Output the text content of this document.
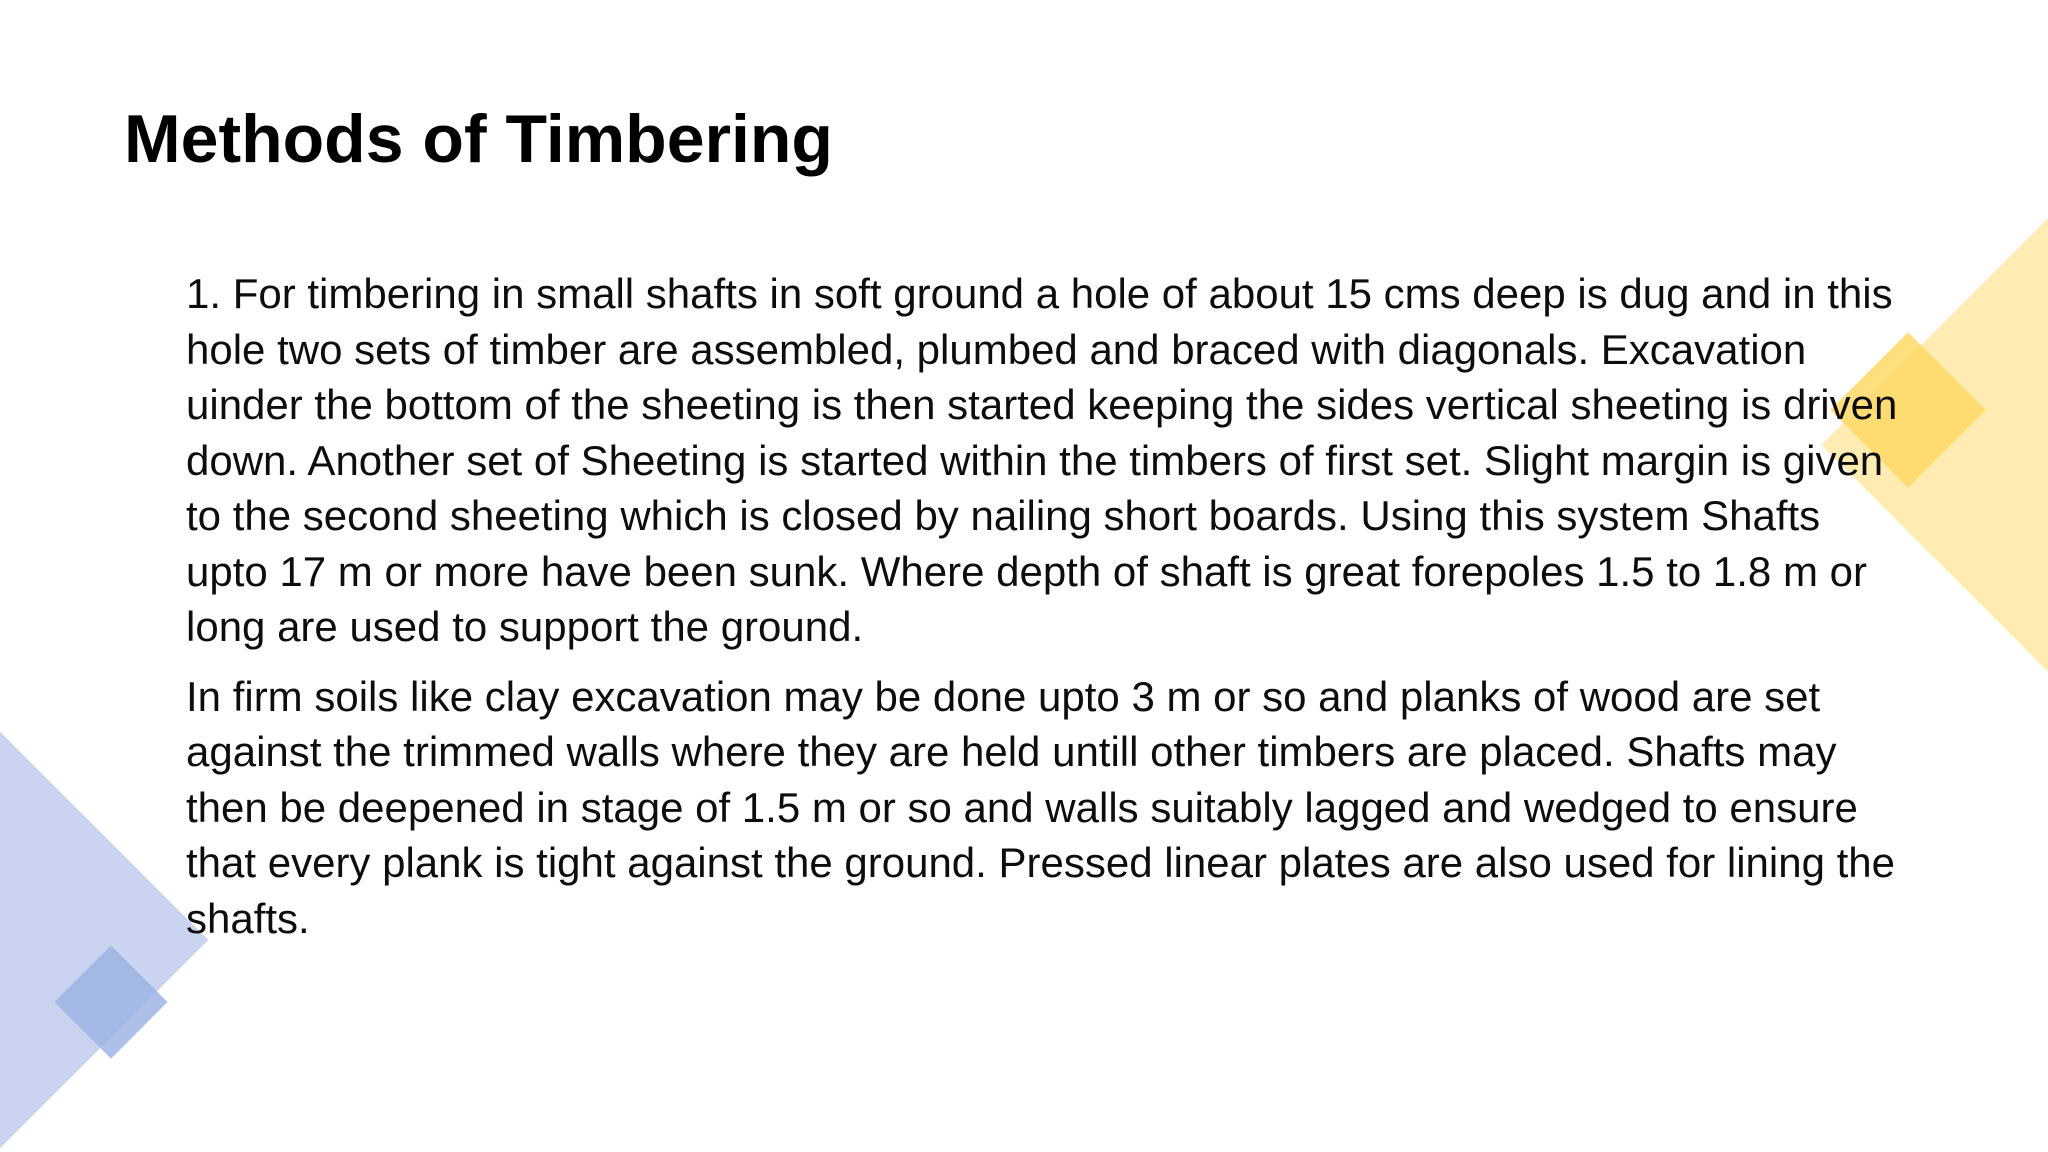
Methods of Timbering

1. For timbering in small shafts in soft ground a hole of about 15 cms deep is dug and in this hole two sets of timber are assembled, plumbed and braced with diagonals. Excavation uinder the bottom of the sheeting is then started keeping the sides vertical sheeting is driven down. Another set of Sheeting is started within the timbers of first set. Slight margin is given to the second sheeting which is closed by nailing short boards. Using this system Shafts upto 17 m or more have been sunk. Where depth of shaft is great forepoles 1.5 to 1.8 m or long are used to support the ground.

In firm soils like clay excavation may be done upto 3 m or so and planks of wood are set against the trimmed walls where they are held untill other timbers are placed. Shafts may then be deepened in stage of 1.5 m or so and walls suitably lagged and wedged to ensure that every plank is tight against the ground. Pressed linear plates are also used for lining the shafts.
